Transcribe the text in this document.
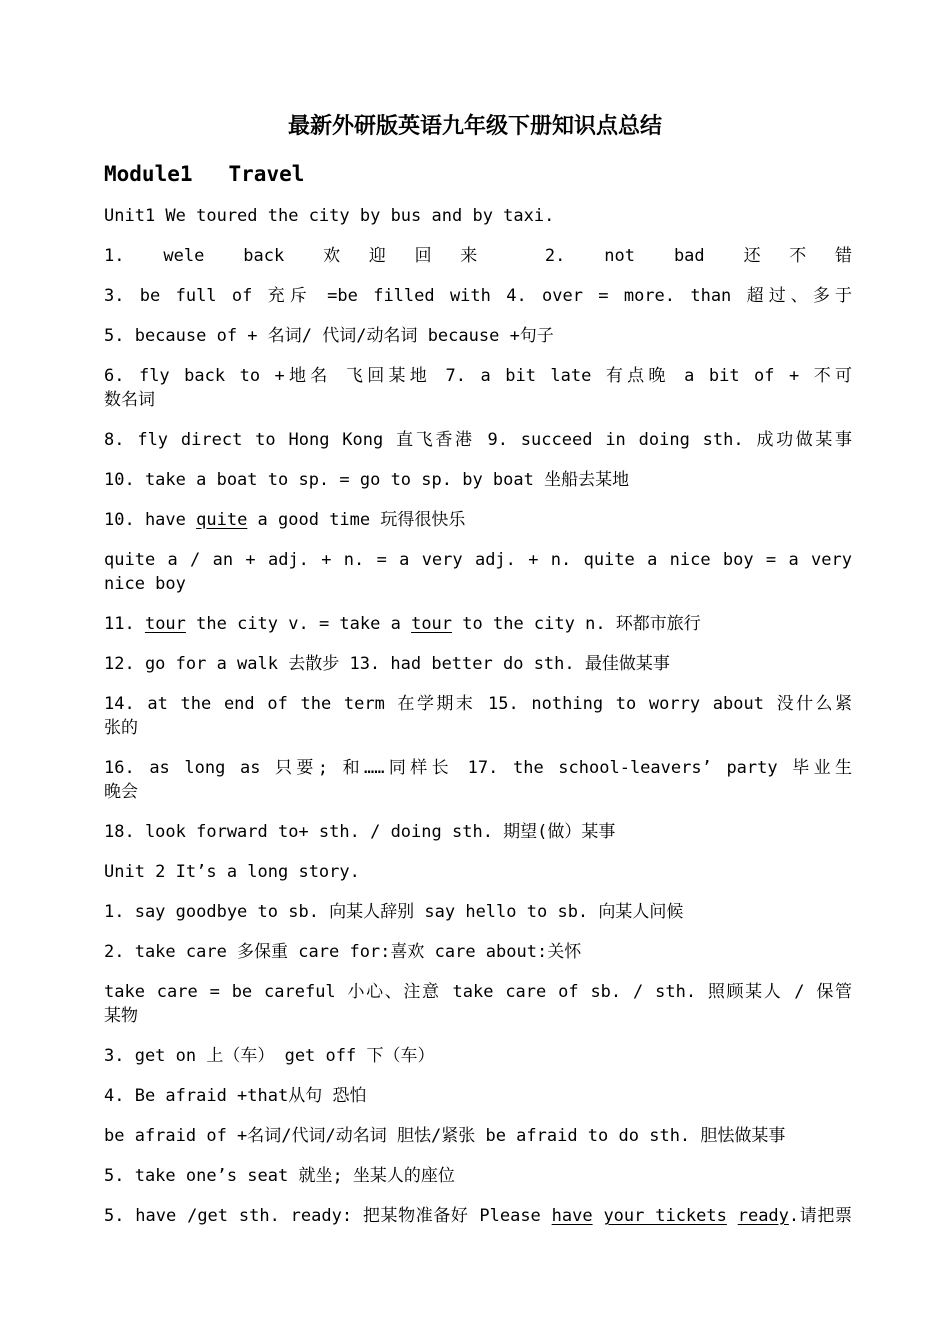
最新外研版英语九年级下册知识点总结
Module1 Travel
Unit1 We toured the city by bus and by taxi.
1. wele back 欢迎回来 2. not bad 还不错
3. be full of 充斥 =be filled with 4. over = more. than 超过、多于
5. because of + 名词/ 代词/动名词 because +句子
6. fly back to +地名 飞回某地 7. a bit late 有点晚 a bit of + 不可
数名词
8. fly direct to Hong Kong 直飞香港 9. succeed in doing sth. 成功做某事
10. take a boat to sp. = go to sp. by boat 坐船去某地
10. have quite a good time 玩得很快乐
quite a / an + adj. + n. = a very adj. + n. quite a nice boy = a very
nice boy
11. tour the city v. = take a tour to the city n. 环都市旅行
12. go for a walk 去散步 13. had better do sth. 最佳做某事
14. at the end of the term 在学期末 15. nothing to worry about 没什么紧
张的
16. as long as 只要; 和……同样长 17. the school-leavers’ party 毕业生
晚会
18. look forward to+ sth. / doing sth. 期望(做）某事
Unit 2 It’s a long story.
1. say goodbye to sb. 向某人辞别 say hello to sb. 向某人问候
2. take care 多保重 care for:喜欢 care about:关怀
take care = be careful 小心、注意 take care of sb. / sth. 照顾某人 / 保管
某物
3. get on 上（车） get off 下（车）
4. Be afraid +that从句 恐怕
be afraid of +名词/代词/动名词 胆怯/紧张 be afraid to do sth. 胆怯做某事
5. take one’s seat 就坐; 坐某人的座位
5. have /get sth. ready: 把某物准备好 Please have your tickets ready.请把票
